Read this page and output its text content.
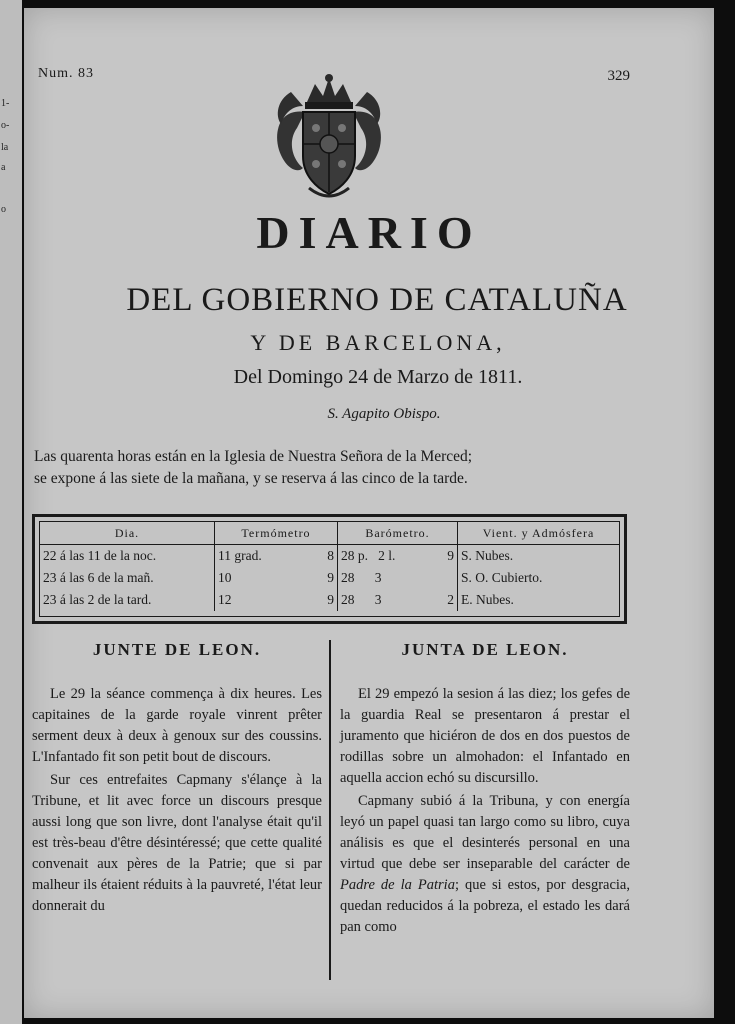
1-
o-
la
a
o
Num. 83	329
DIARIO
DEL GOBIERNO DE CATALUÑA
Y DE BARCELONA,
Del Domingo 24 de Marzo de 1811.
S. Agapito Obispo.
Las quarenta horas están en la Iglesia de Nuestra Señora de la Merced;
se expone á las siete de la mañana, y se reserva á las cinco de la tarde.
Dia.	Termómetro	Barómetro.	Vient. y Admósfera
22 á las 11 de la noc.	11 grad. 8	28 p. 2 l. 9	S. Nubes.
23 á las 6 de la mañ.	10 9	28 3	S. O. Cubierto.
23 á las 2 de la tard.	12 9	28 3 2	E. Nubes.
JUNTE DE LEON.

Le 29 la séance commença à dix heures. Les capitaines de la garde royale vinrent prêter serment deux à deux à genoux sur des coussins. L'Infantado fit son petit bout de discours.

Sur ces entrefaites Capmany s'élançe à la Tribune, et lit avec force un discours presque aussi long que son livre, dont l'analyse était qu'il est très-beau d'être désintéressé; que cette qualité convenait aux pères de la Patrie; que si par malheur ils étaient réduits à la pauvreté, l'état leur donnerait du

JUNTA DE LEON.

El 29 empezó la sesion á las diez; los gefes de la guardia Real se presentaron á prestar el juramento que hiciéron de dos en dos puestos de rodillas sobre un almohadon: el Infantado en aquella accion echó su discursillo.

Capmany subió á la Tribuna, y con energía leyó un papel quasi tan largo como su libro, cuya análisis es que el desinterés personal en una virtud que debe ser inseparable del carácter de Padre de la Patria; que si estos, por desgracia, quedan reducidos á la pobreza, el estado les dará pan como
